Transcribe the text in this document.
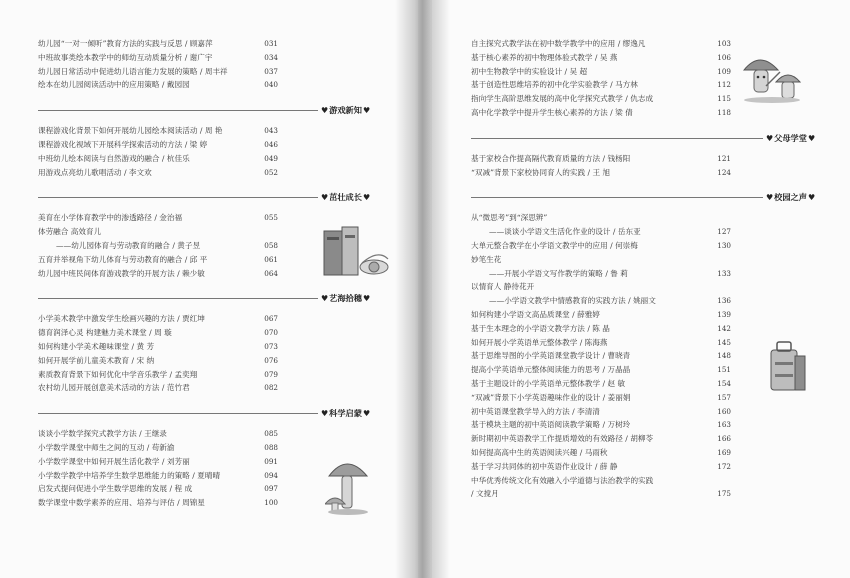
幼儿园“一对一倾听”教育方法的实践与反思 / 顾嘉萍	031
中班故事类绘本教学中的师幼互动质量分析 / 谢广宇	034
幼儿园日常活动中促进幼儿语言能力发展的策略 / 周丰祥	037
绘本在幼儿园阅读活动中的应用策略 / 戴园园	040
♥游戏新知♥
课程游戏化背景下如何开展幼儿园绘本阅读活动 / 周 艳	043
课程游戏化视域下开展科学探索活动的方法 / 梁 婷	046
中班幼儿绘本阅读与自然游戏的融合 / 杭佳乐	049
用游戏点亮幼儿歌唱活动 / 李文欢	052
♥茁壮成长♥
美育在小学体育教学中的渗透路径 / 金治福	055
体劳融合 高效育儿
——幼儿园体育与劳动教育的融合 / 黄子昱	058
五育并举视角下幼儿体育与劳动教育的融合 / 邱 平	061
幼儿园中班民间体育游戏教学的开展方法 / 赖少敏	064
♥艺海拾穗♥
小学美术教学中激发学生绘画兴趣的方法 / 贾红坤	067
德育润泽心灵 构建魅力美术课堂 / 周 璇	070
如何构建小学美术趣味课堂 / 黄 芳	073
如何开展学前儿童美术教育 / 宋 纳	076
素质教育背景下如何优化中学音乐教学 / 孟奕翔	079
农村幼儿园开展创意美术活动的方法 / 范竹君	082
♥科学启蒙♥
谈谈小学数学探究式教学方法 / 王继录	085
小学数学课堂中师生之间的互动 / 苟新渝	088
小学数学课堂中如何开展生活化教学 / 刘芳丽	091
小学数学教学中培养学生数学思维能力的策略 / 夏晴晴	094
启发式提问促进小学生数学思维的发展 / 程 成	097
数学课堂中数学素养的应用、培养与评估 / 周锦星	100
自主探究式教学法在初中数学教学中的应用 / 缪逸凡	103
基于核心素养的初中物理体验式教学 / 吴 燕	106
初中生物教学中的实验设计 / 吴 超	109
基于创造性思维培养的初中化学实验教学 / 马方林	112
指向学生高阶思维发展的高中化学探究式教学 / 仇志成	115
高中化学教学中提升学生核心素养的方法 / 梁 倩	118
♥父母学堂♥
基于家校合作提高隔代教育质量的方法 / 钱杨阳	121
“双减”背景下家校协同育人的实践 / 王 旭	124
♥校园之声♥
从“微思考”到“深思辨”
——谈谈小学语文生活化作业的设计 / 岳东亚	127
大单元整合教学在小学语文教学中的应用 / 何崇梅	130
妙笔生花
——开展小学语文写作教学的策略 / 鲁 莉	133
以情育人 静待花开
——小学语文教学中情感教育的实践方法 / 姚丽文	136
如何构建小学语文高品质课堂 / 薛雅婷	139
基于生本理念的小学语文教学方法 / 陈 晶	142
如何开展小学英语单元整体教学 / 陈海燕	145
基于思维导图的小学英语课堂教学设计 / 曹晓青	148
提高小学英语单元整体阅读能力的思考 / 万晶晶	151
基于主题设计的小学英语单元整体教学 / 赵 敏	154
“双减”背景下小学英语趣味作业的设计 / 姜丽娟	157
初中英语课堂教学导入的方法 / 李清清	160
基于模块主题的初中英语阅读教学策略 / 万树玲	163
新时期初中英语教学工作提质增效的有效路径 / 胡柳苓	166
如何提高高中生的英语阅读兴趣 / 马雨秋	169
基于学习共同体的初中英语作业设计 / 薛 静	172
中华优秀传统文化有效融入小学道德与法治教学的实践
/ 文搅月	175
